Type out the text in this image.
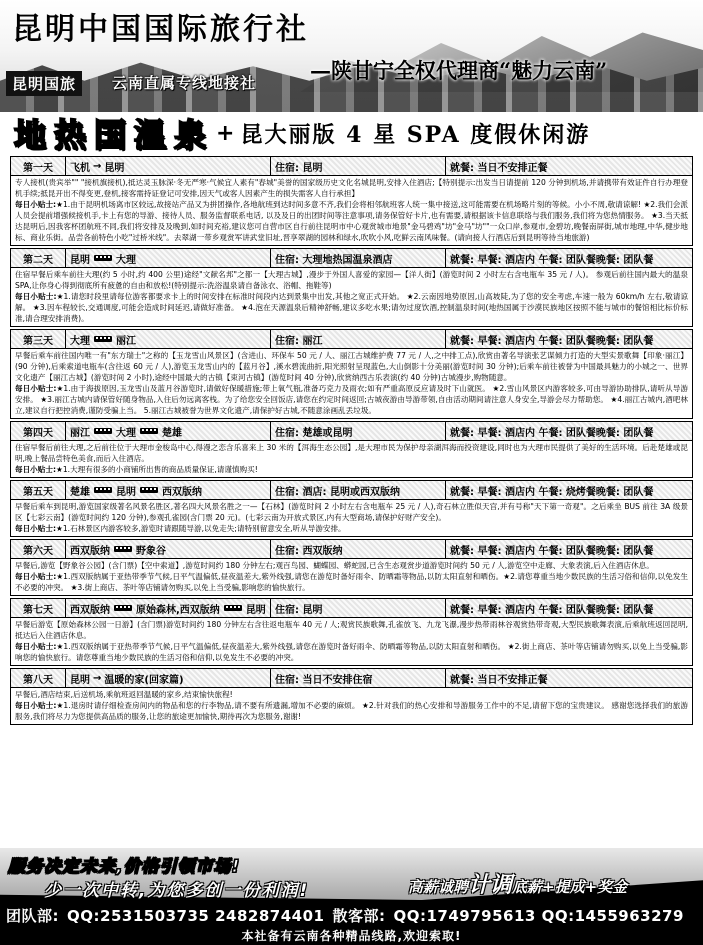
昆明中国国际旅行社
—陕甘宁全权代理商“魅力云南”
昆明国旅	云南直属专线地接社
地热国温泉 + 昆大丽版 4 星 SPA 度假休闲游
第一天	飞机 → 昆明	住宿: 昆明	就餐: 当日不安排正餐

专人接机(贵宾举"" "接机旗接机),抵达灵玉脉深·冬无严寒·气候宜人素有"春城"美誉的国家级历史文化名城昆明,安排入住酒店;【特别提示:出发当日请提前 120 分钟到机场,并请携带有效证件自行办理登机手续;抵昆开出不得变更,登机,接客需持证登记可安排,因天气或客人因素产生的损失需客人自行承担】

每日小贴士:★1.由于昆明机场离市区较远,故接站产品又为拼团操作,各地航班到达时间多意不齐,我们会将相邻航班客人统一集中接送,这可能需要在机场略片刻的等候。小小不周,敬请谅解! ★2.我们会派人员会提前增强候接机手,卡上有您的导游、接待人员、服务监督联系电话, 以及及日的出团时间等注意事项,请务保管好卡片,也有需要,请根据该卡信息联络与我们服务,我们将为您热情服务。 ★3.当天抵达昆明后,因我客杯团航班不同,我们将安排及及晚到,如时间充裕,建议您可自营市区自行前往昆明市中心观赏城市地景"金马碧鸡"坊"金马"坊""一众口岸,参观市,金碧坊,晚餐南屏街,城市地理,中华,健步地标、商业乐街。品尝各前特色小吃"过桥米线"。去翠湖一带乡观赏军讲武堂旧址,晋享翠湖的园林和绿水,吹吹小风,吃鲜云南风味餐。(请向接人行酒店后到昆明等待当地旅游)

第二天	昆明	大理	住宿: 大理地热国温泉酒店	就餐: 早餐: 酒店内 午餐: 团队餐晚餐: 团队餐

住宿早餐后乘车前往大理(约 5 小时,约 400 公里)途经"文献名邦"之都一【大理古城】,漫步于外国人喜爱的家园—【洋人街】(游览时间 2 小时左右含电瓶车 35 元 / 人)。 参观后前往国内最大的温泉 SPA,让你身心得到彻底所有疲惫的自由和放松!(特别提示:洗浴温泉请自备泳衣、浴帽、拖鞋等)

每日小贴士:★1.请您时段里请每位游客都要求卡上的时间安排在标准时间段内达到景集中出发,其他之宽正式开始。 ★2.云南因地势原因,山高坡陡,为了您的安全考虑,车速一般为 60km/h 左右,敬请谅解。 ★3.因车程较长,交通调度,可能会造成时间延迟,请做好准备。 ★4.泡在天源温泉后精神舒畅,建议多吃水果;请勿过度饮酒,控制温泉时间(地热国属于沙漠民族地区按照不能与城市的餐馆相比标价标准,请合理安排消费)。

第三天	大理	丽江	住宿: 丽江	就餐: 早餐: 酒店内 午餐: 团队餐晚餐: 团队餐

早餐后乘车前往国内唯一有"东方瑞士"之称的【玉龙雪山风景区】(含进山、环保车 50 元 / 人、丽江古城维护费 77 元 / 人,之中排工点),欣赏由著名导演张艺谋倾力打造的大型实景歌舞【印象·丽江】(90 分钟),后乘索道电瓶车(含往返 60 元 / 人),游览玉龙雪山内的【蓝月谷】,溪水碧流曲折,阳光照射呈现蓝色,大山倒影十分美丽(游览时间 30 分钟);后乘车前往被誉为中国最具魅力的小城之一、世界文化遗产【丽江古城】(游览时间 2 小时),途经中国最大的古镇【束河古镇】(游览时间 40 分钟),欣赏纳西古乐表演(约 40 分钟)古城漫步,购物随意。

每日小贴士:★1.由于海拔原因,玉龙雪山及蓝月谷游览时,请做好保暖措施;带上氧气瓶,准备巧克力及雨衣;如有严重高原反应请及时下山就医。 ★2.雪山风景区内游客较多,可由导游协助排队,请听从导游安排。 ★3.丽江古城内请保管好随身物品,入住后勿远离客栈。为了给您安全回饭店,请您在约定时间返回;古城夜游由导游带领,自由活动期间请注意人身安全,导游会尽力帮助您。 ★4.丽江古城内,酒吧林立,建议自行把控消费,谨防受骗上当。 5.丽江古城被誉为世界文化遗产,请保护好古城,不随意涂画乱丢垃圾。

第四天	丽江	大理	楚雄	住宿: 楚雄或昆明	就餐: 早餐: 酒店内 午餐: 团队餐晚餐: 团队餐

住宿早餐后前往大理,之后前往位于大理市金梭岛中心,得漫之恋含乐喜来上 30 米的【洱海生态公园】,是大理市民为保护母亲湖洱海而投资建设,同时也为大理市民提供了美好的生活环境。后赴楚雄或昆明,晚上餐品尝特色美食,而后入住酒店。

每日小贴士:★1.大理有很多的小商铺所出售的商品质量保证,请谨慎购买!

第五天	楚雄	昆明	西双版纳	住宿: 酒店: 昆明或西双版纳	就餐: 早餐: 酒店内 午餐: 烧烤餐晚餐: 团队餐

早餐后乘车到昆明,游览国家级著名风景名胜区,著名四大风景名胜之一—【石林】(游览时间 2 小时左右含电瓶车 25 元 / 人),奇石林立胜似天宫,并有号称"天下第一奇观"。之后乘坐 BUS 前往 3A 级景区【七彩云南】(游览时间约 120 分钟),参观孔雀园(含门票 20 元)。(七彩云南为开放式景区,内有大型商场,请保护好财产安全)。

每日小贴士:★1.石林景区内游客较多,游览时请跟随导游,以免走失;请特别留意安全,听从导游安排。

第六天	西双版纳	野象谷	住宿: 西双版纳	就餐: 早餐: 酒店内 午餐: 团队餐晚餐: 团队餐

早餐后,游览【野象谷公园】(含门票)【空中索道】,游览时间约 180 分钟左右;观百鸟园、蝴蝶园、蟒蛇园,已含生态观赏步道游览时间约 50 元 / 人,游览空中走廊、大象表演,后入住酒店休息。

每日小贴士:★1.西双版纳属于亚热带季节气候,日平气温偏低,昼夜温差大,紫外线强,请您在游览时备好雨伞、防晒霜等物品,以防太阳直射和晒伤。★2.请您尊重当地少数民族的生活习俗和信仰,以免发生不必要的冲突。 ★3.街上商店、茶叶等店铺请勿购买,以免上当受骗,影响您的愉快旅行。

第七天	西双版纳	原始森林,西双版纳	昆明 住宿: 昆明	就餐: 早餐: 酒店内 午餐: 团队餐晚餐: 团队餐

早餐后游览【原始森林公园一日游】(含门票)游览时间约 180 分钟左右含往返电瓶车 40 元 / 人;观赏民族歌舞,孔雀放飞、九龙飞瀑,漫步热带雨林谷观赏热带奇观,大型民族歌舞表演,后乘航班返回昆明,抵达后入住酒店休息。

每日小贴士:★1.西双版纳属于亚热带季节气候,日平气温偏低,昼夜温差大,紫外线强,请您在游览时备好雨伞、防晒霜等物品,以防太阳直射和晒伤。 ★2.街上商店、茶叶等店铺请勿购买,以免上当受骗,影响您的愉快旅行。请您尊重当地少数民族的生活习俗和信仰,以免发生不必要的冲突。

第八天	昆明 → 温暖的家(回家篇)	住宿: 当日不安排住宿	就餐: 当日不安排正餐

早餐后,酒店结束,后送机场,乘航班返回温暖的家乡,结束愉快旅程!

每日小贴士:★1.退房时请仔细检查房间内的物品和您的行李物品,请不要有所遗漏,增加不必要的麻烦。 ★2.针对我们的热心安排和导游服务工作中的不足,请留下您的宝贵建议。 感谢您选择我们的旅游服务,我们将尽力为您提供高品质的服务,让您的旅途更加愉快,期待再次为您服务,谢谢!

服务决定未来,价格引领市场!
少一次中转,为您多创一份利润!	高薪诚聘计调底薪+提成+奖金
团队部: QQ:2531503735 2482874401 散客部: QQ:1749795613 QQ:1455963279
本社备有云南各种精品线路,欢迎索取!
